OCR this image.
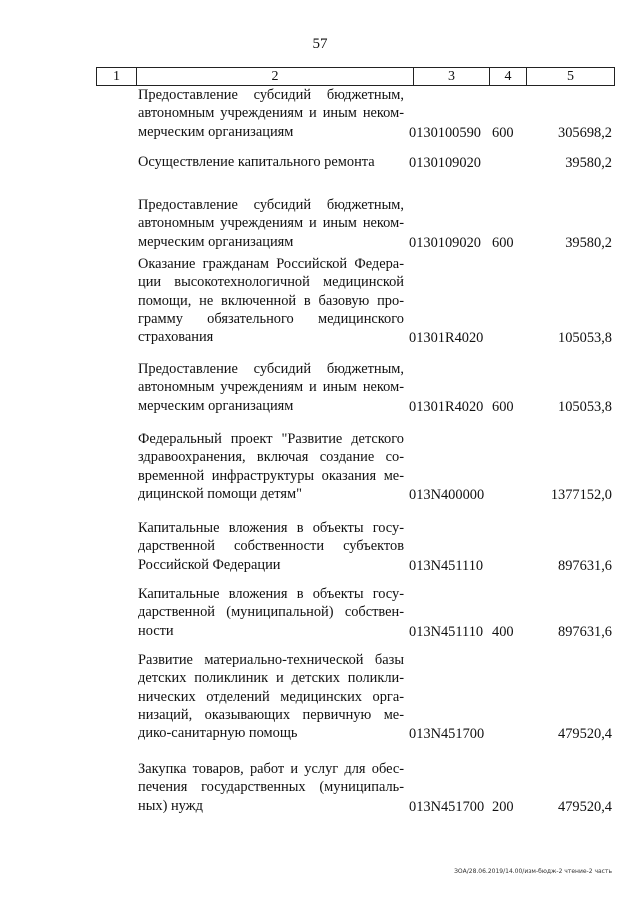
57
1	2	3	4	5
Предоставление субсидий бюджетным,
автономным учреждениям и иным неком-
мерческим организациям	0130100590 600	305698,2
Осуществление капитального ремонта	0130109020	39580,2
Предоставление субсидий бюджетным,
автономным учреждениям и иным неком-
мерческим организациям	0130109020 600	39580,2
Оказание гражданам Российской Федера-
ции высокотехнологичной медицинской
помощи, не включенной в базовую про-
грамму обязательного медицинского
страхования	01301R4020	105053,8
Предоставление субсидий бюджетным,
автономным учреждениям и иным неком-
мерческим организациям	01301R4020 600	105053,8
Федеральный проект "Развитие детского
здравоохранения, включая создание со-
временной инфраструктуры оказания ме-
дицинской помощи детям"	013N400000	1377152,0
Капитальные вложения в объекты госу-
дарственной собственности субъектов
Российской Федерации	013N451110	897631,6
Капитальные вложения в объекты госу-
дарственной (муниципальной) собствен-
ности	013N451110 400	897631,6
Развитие материально-технической базы
детских поликлиник и детских поликли-
нических отделений медицинских орга-
низаций, оказывающих первичную ме-
дико-санитарную помощь	013N451700	479520,4
Закупка товаров, работ и услуг для обес-
печения государственных (муниципаль-
ных) нужд	013N451700 200	479520,4
ЗОА/28.06.2019/14.00/изм-бюдж-2 чтение-2 часть
